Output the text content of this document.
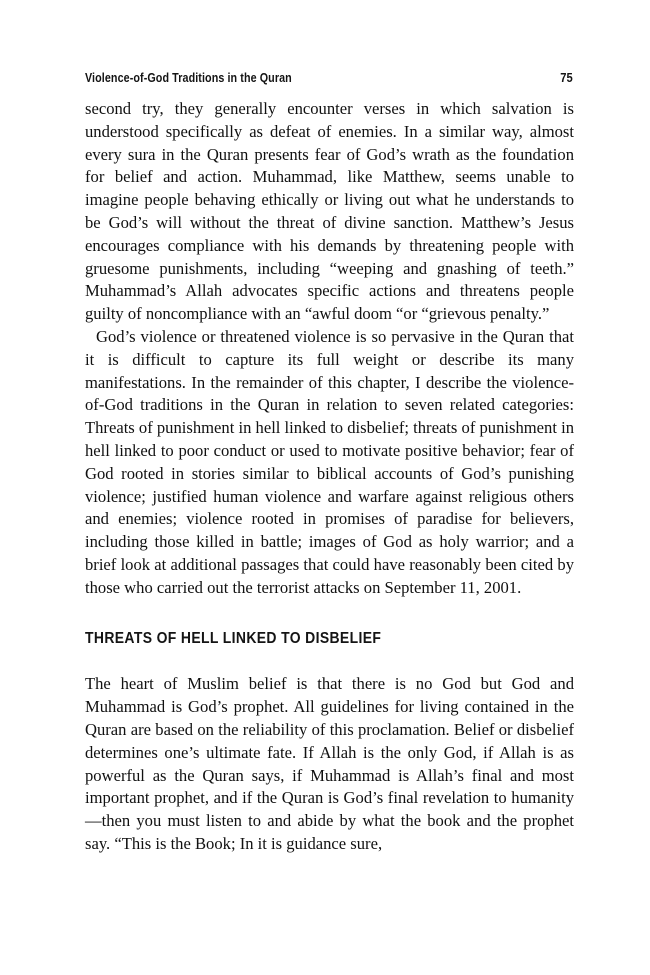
Violence-of-God Traditions in the Quran	75

second try, they generally encounter verses in which salvation is understood specifically as defeat of enemies. In a similar way, almost every sura in the Quran presents fear of God’s wrath as the foundation for belief and action. Muhammad, like Matthew, seems unable to imagine people behaving ethically or living out what he understands to be God’s will without the threat of divine sanction. Matthew’s Jesus encourages compliance with his demands by threatening people with gruesome punishments, including “weeping and gnashing of teeth.” Muhammad’s Allah advocates specific actions and threatens people guilty of noncompliance with an “awful doom “or “grievous penalty.”

God’s violence or threatened violence is so pervasive in the Quran that it is difficult to capture its full weight or describe its many manifestations. In the remainder of this chapter, I describe the violence-of-God traditions in the Quran in relation to seven related categories: Threats of punishment in hell linked to disbelief; threats of punishment in hell linked to poor conduct or used to motivate positive behavior; fear of God rooted in stories similar to biblical accounts of God’s punishing violence; justified human violence and warfare against religious others and enemies; violence rooted in promises of paradise for believers, including those killed in battle; images of God as holy warrior; and a brief look at additional passages that could have reasonably been cited by those who carried out the terrorist attacks on September 11, 2001.

THREATS OF HELL LINKED TO DISBELIEF

The heart of Muslim belief is that there is no God but God and Muhammad is God’s prophet. All guidelines for living contained in the Quran are based on the reliability of this proclamation. Belief or disbelief determines one’s ultimate fate. If Allah is the only God, if Allah is as powerful as the Quran says, if Muhammad is Allah’s final and most important prophet, and if the Quran is God’s final revelation to humanity—then you must listen to and abide by what the book and the prophet say. “This is the Book; In it is guidance sure,
